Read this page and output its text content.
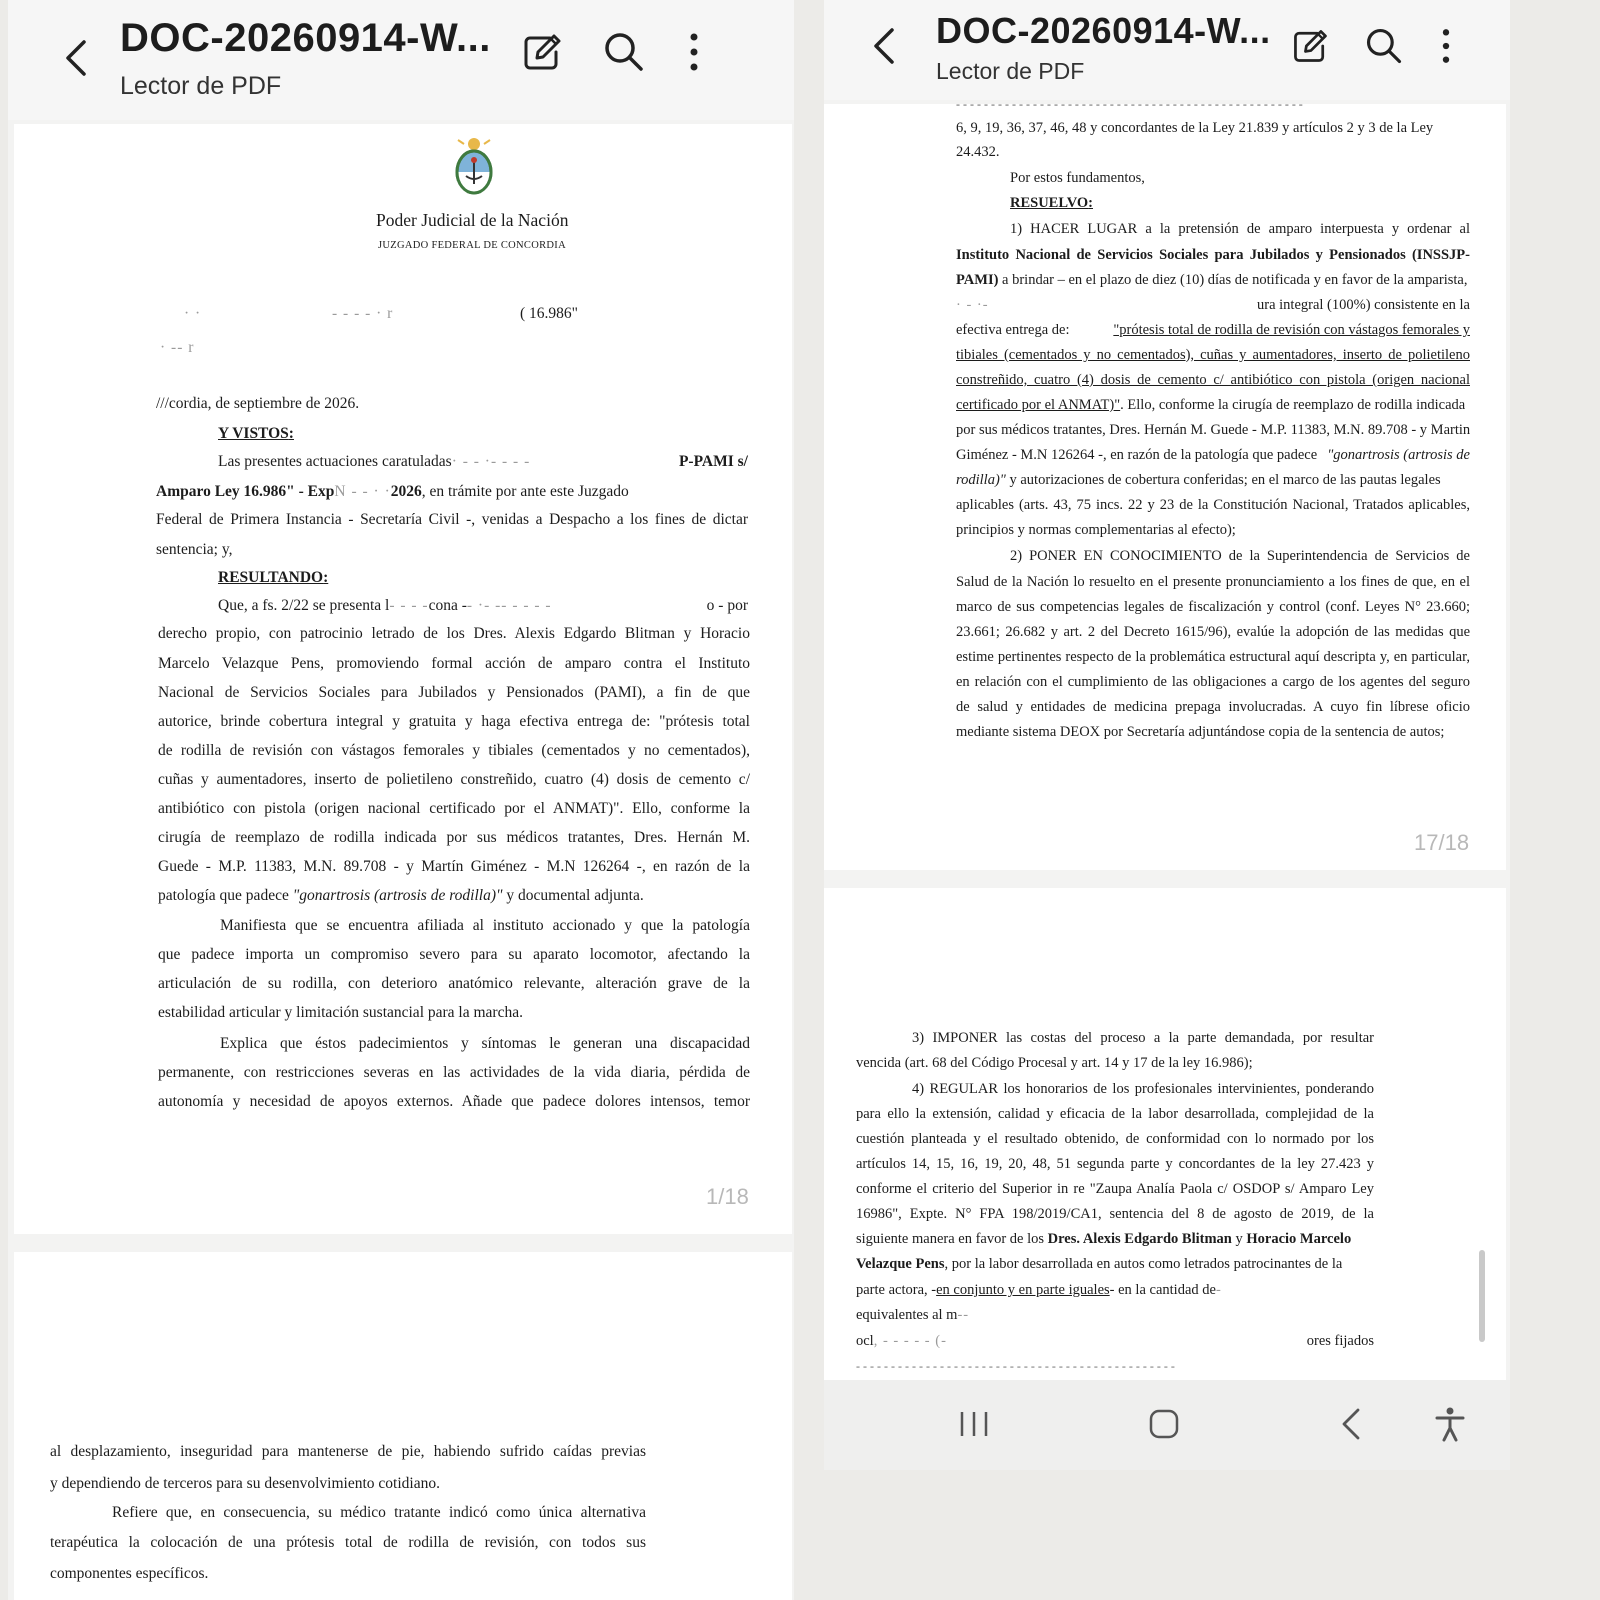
DOC-20260914-W...
Lector de PDF
Poder Judicial de la Nación
JUZGADO FEDERAL DE CONCORDIA
· ·	- - - - · r	( 16.986"
· -- r
///cordia, de septiembre de 2026.
Y VISTOS:
Las presentes actuaciones caratuladas· - - ·- - - -	P-PAMI s/
Amparo Ley 16.986" - ExpN - - · ·2026, en trámite por ante este Juzgado
Federal de Primera Instancia - Secretaría Civil -, venidas a Despacho a los fines de dictar
sentencia; y,
RESULTANDO:
Que, a fs. 2/22 se presenta l- - - -cona -- ·- -- - - - -	o - por
derecho propio, con patrocinio letrado de los Dres. Alexis Edgardo Blitman y Horacio
Marcelo Velazque Pens, promoviendo formal acción de amparo contra el Instituto
Nacional de Servicios Sociales para Jubilados y Pensionados (PAMI), a fin de que
autorice, brinde cobertura integral y gratuita y haga efectiva entrega de: "prótesis total
de rodilla de revisión con vástagos femorales y tibiales (cementados y no cementados),
cuñas y aumentadores, inserto de polietileno constreñido, cuatro (4) dosis de cemento c/
antibiótico con pistola (origen nacional certificado por el ANMAT)". Ello, conforme la
cirugía de reemplazo de rodilla indicada por sus médicos tratantes, Dres. Hernán M.
Guede - M.P. 11383, M.N. 89.708 - y Martín Giménez - M.N 126264 -, en razón de la
patología que padece "gonartrosis (artrosis de rodilla)" y documental adjunta.
Manifiesta que se encuentra afiliada al instituto accionado y que la patología
que padece importa un compromiso severo para su aparato locomotor, afectando la
articulación de su rodilla, con deterioro anatómico relevante, alteración grave de la
estabilidad articular y limitación sustancial para la marcha.
Explica que éstos padecimientos y síntomas le generan una discapacidad
permanente, con restricciones severas en las actividades de la vida diaria, pérdida de
autonomía y necesidad de apoyos externos. Añade que padece dolores intensos, temor
1/18
al desplazamiento, inseguridad para mantenerse de pie, habiendo sufrido caídas previas
y dependiendo de terceros para su desenvolvimiento cotidiano.
Refiere que, en consecuencia, su médico tratante indicó como única alternativa
terapéutica la colocación de una prótesis total de rodilla de revisión, con todos sus
componentes específicos.
DOC-20260914-W...
Lector de PDF
- - - - - - - - - - - - - - - - - - - - - - - - - - - - - - - - - - - - - - - - - - - - - - - - - -
6, 9, 19, 36, 37, 46, 48 y concordantes de la Ley 21.839 y artículos 2 y 3 de la Ley
24.432.
Por estos fundamentos,
RESUELVO:
1) HACER LUGAR a la pretensión de amparo interpuesta y ordenar al
Instituto Nacional de Servicios Sociales para Jubilados y Pensionados (INSSJP-
PAMI) a brindar – en el plazo de diez (10) días de notificada y en favor de la amparista,
· - ·-	ura integral (100%) consistente en la
efectiva entrega de:	"prótesis total de rodilla de revisión con vástagos femorales y
tibiales (cementados y no cementados), cuñas y aumentadores, inserto de polietileno
constreñido, cuatro (4) dosis de cemento c/ antibiótico con pistola (origen nacional
certificado por el ANMAT)". Ello, conforme la cirugía de reemplazo de rodilla indicada
por sus médicos tratantes, Dres. Hernán M. Guede - M.P. 11383, M.N. 89.708 - y Martin
Giménez - M.N 126264 -, en razón de la patología que padece "gonartrosis (artrosis de
rodilla)" y autorizaciones de cobertura conferidas; en el marco de las pautas legales
aplicables (arts. 43, 75 incs. 22 y 23 de la Constitución Nacional, Tratados aplicables,
principios y normas complementarias al efecto);
2) PONER EN CONOCIMIENTO de la Superintendencia de Servicios de
Salud de la Nación lo resuelto en el presente pronunciamiento a los fines de que, en el
marco de sus competencias legales de fiscalización y control (conf. Leyes N° 23.660;
23.661; 26.682 y art. 2 del Decreto 1615/96), evalúe la adopción de las medidas que
estime pertinentes respecto de la problemática estructural aquí descripta y, en particular,
en relación con el cumplimiento de las obligaciones a cargo de los agentes del seguro
de salud y entidades de medicina prepaga involucradas. A cuyo fin líbrese oficio
mediante sistema DEOX por Secretaría adjuntándose copia de la sentencia de autos;
17/18
3) IMPONER las costas del proceso a la parte demandada, por resultar
vencida (art. 68 del Código Procesal y art. 14 y 17 de la ley 16.986);
4) REGULAR los honorarios de los profesionales intervinientes, ponderando
para ello la extensión, calidad y eficacia de la labor desarrollada, complejidad de la
cuestión planteada y el resultado obtenido, de conformidad con lo normado por los
artículos 14, 15, 16, 19, 20, 48, 51 segunda parte y concordantes de la ley 27.423 y
conforme el criterio del Superior in re "Zaupa Analía Paola c/ OSDOP s/ Amparo Ley
16986", Expte. N° FPA 198/2019/CA1, sentencia del 8 de agosto de 2019, de la
siguiente manera en favor de los Dres. Alexis Edgardo Blitman y Horacio Marcelo
Velazque Pens, por la labor desarrollada en autos como letrados patrocinantes de la
parte actora, -en conjunto y en parte iguales- en la cantidad de-
equivalentes al m--
ocl, - - - - - (-	ores fijados
- - - - - - - - - - - - - - - - - - - - - - - - - - - - - - - - - - - - - - - - - - - - - -
